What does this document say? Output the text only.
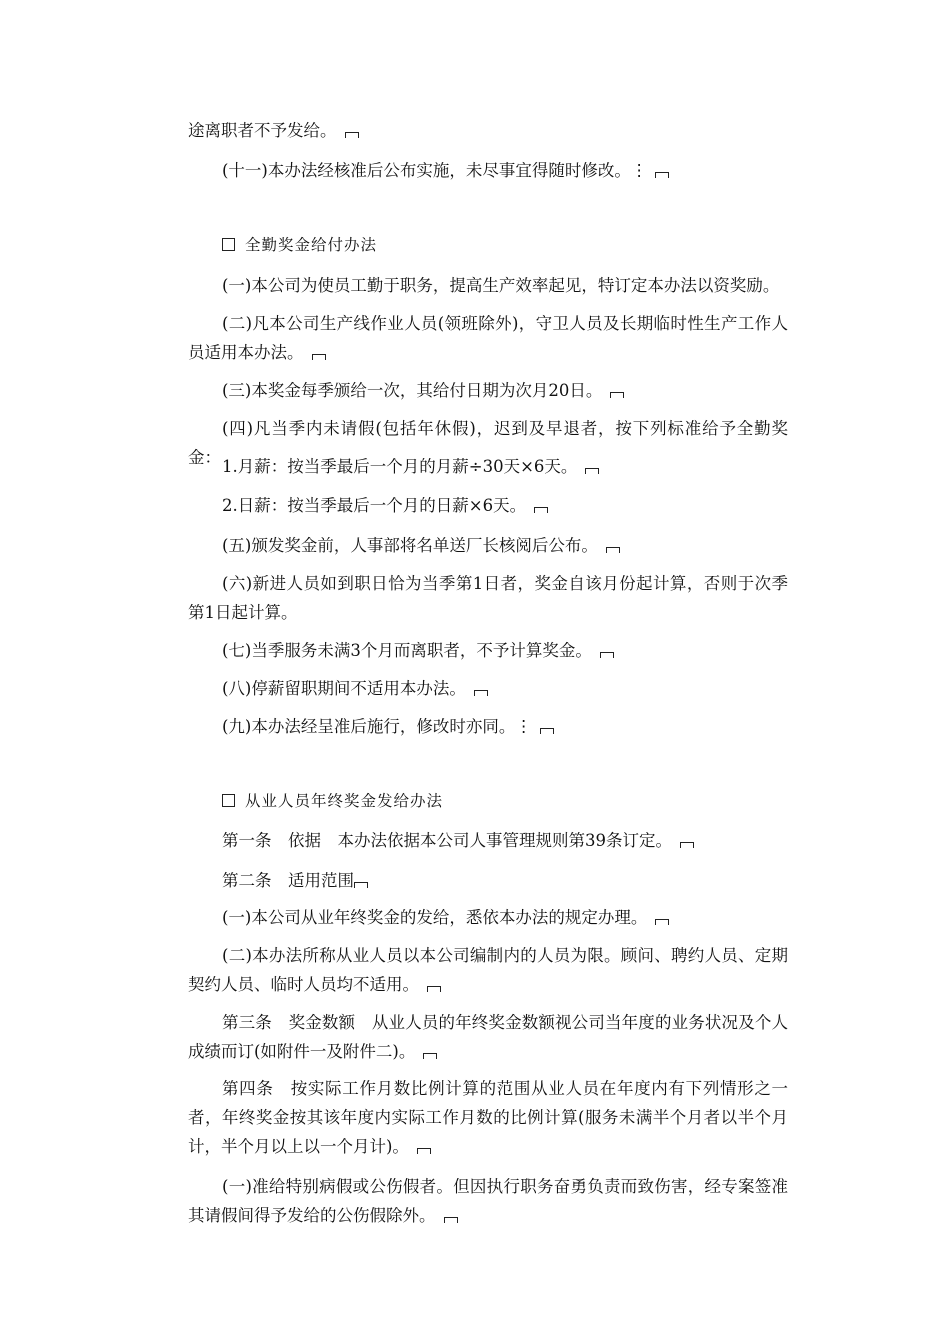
途离职者不予发给。

(十一)本办法经核准后公布实施，未尽事宜得随时修改。⋮

全勤奖金给付办法

(一)本公司为使员工勤于职务，提高生产效率起见，特订定本办法以资奖励。

(二)凡本公司生产线作业人员(领班除外)，守卫人员及长期临时性生产工作人员适用本办法。

(三)本奖金每季颁给一次，其给付日期为次月20日。

(四)凡当季内未请假(包括年休假)，迟到及早退者，按下列标准给予全勤奖金： 1.月薪：按当季最后一个月的月薪÷30天×6天。

2.日薪：按当季最后一个月的日薪×6天。

(五)颁发奖金前，人事部将名单送厂长核阅后公布。

(六)新进人员如到职日恰为当季第1日者，奖金自该月份起计算，否则于次季第1日起计算。

(七)当季服务未满3个月而离职者，不予计算奖金。

(八)停薪留职期间不适用本办法。

(九)本办法经呈准后施行，修改时亦同。⋮

从业人员年终奖金发给办法

第一条　依据　本办法依据本公司人事管理规则第39条订定。

第二条　适用范围

(一)本公司从业年终奖金的发给，悉依本办法的规定办理。

(二)本办法所称从业人员以本公司编制内的人员为限。顾问、聘约人员、定期契约人员、临时人员均不适用。

第三条　奖金数额　从业人员的年终奖金数额视公司当年度的业务状况及个人成绩而订(如附件一及附件二)。

第四条　按实际工作月数比例计算的范围从业人员在年度内有下列情形之一者，年终奖金按其该年度内实际工作月数的比例计算(服务未满半个月者以半个月计，半个月以上以一个月计)。

(一)准给特别病假或公伤假者。但因执行职务奋勇负责而致伤害，经专案签准其请假间得予发给的公伤假除外。
